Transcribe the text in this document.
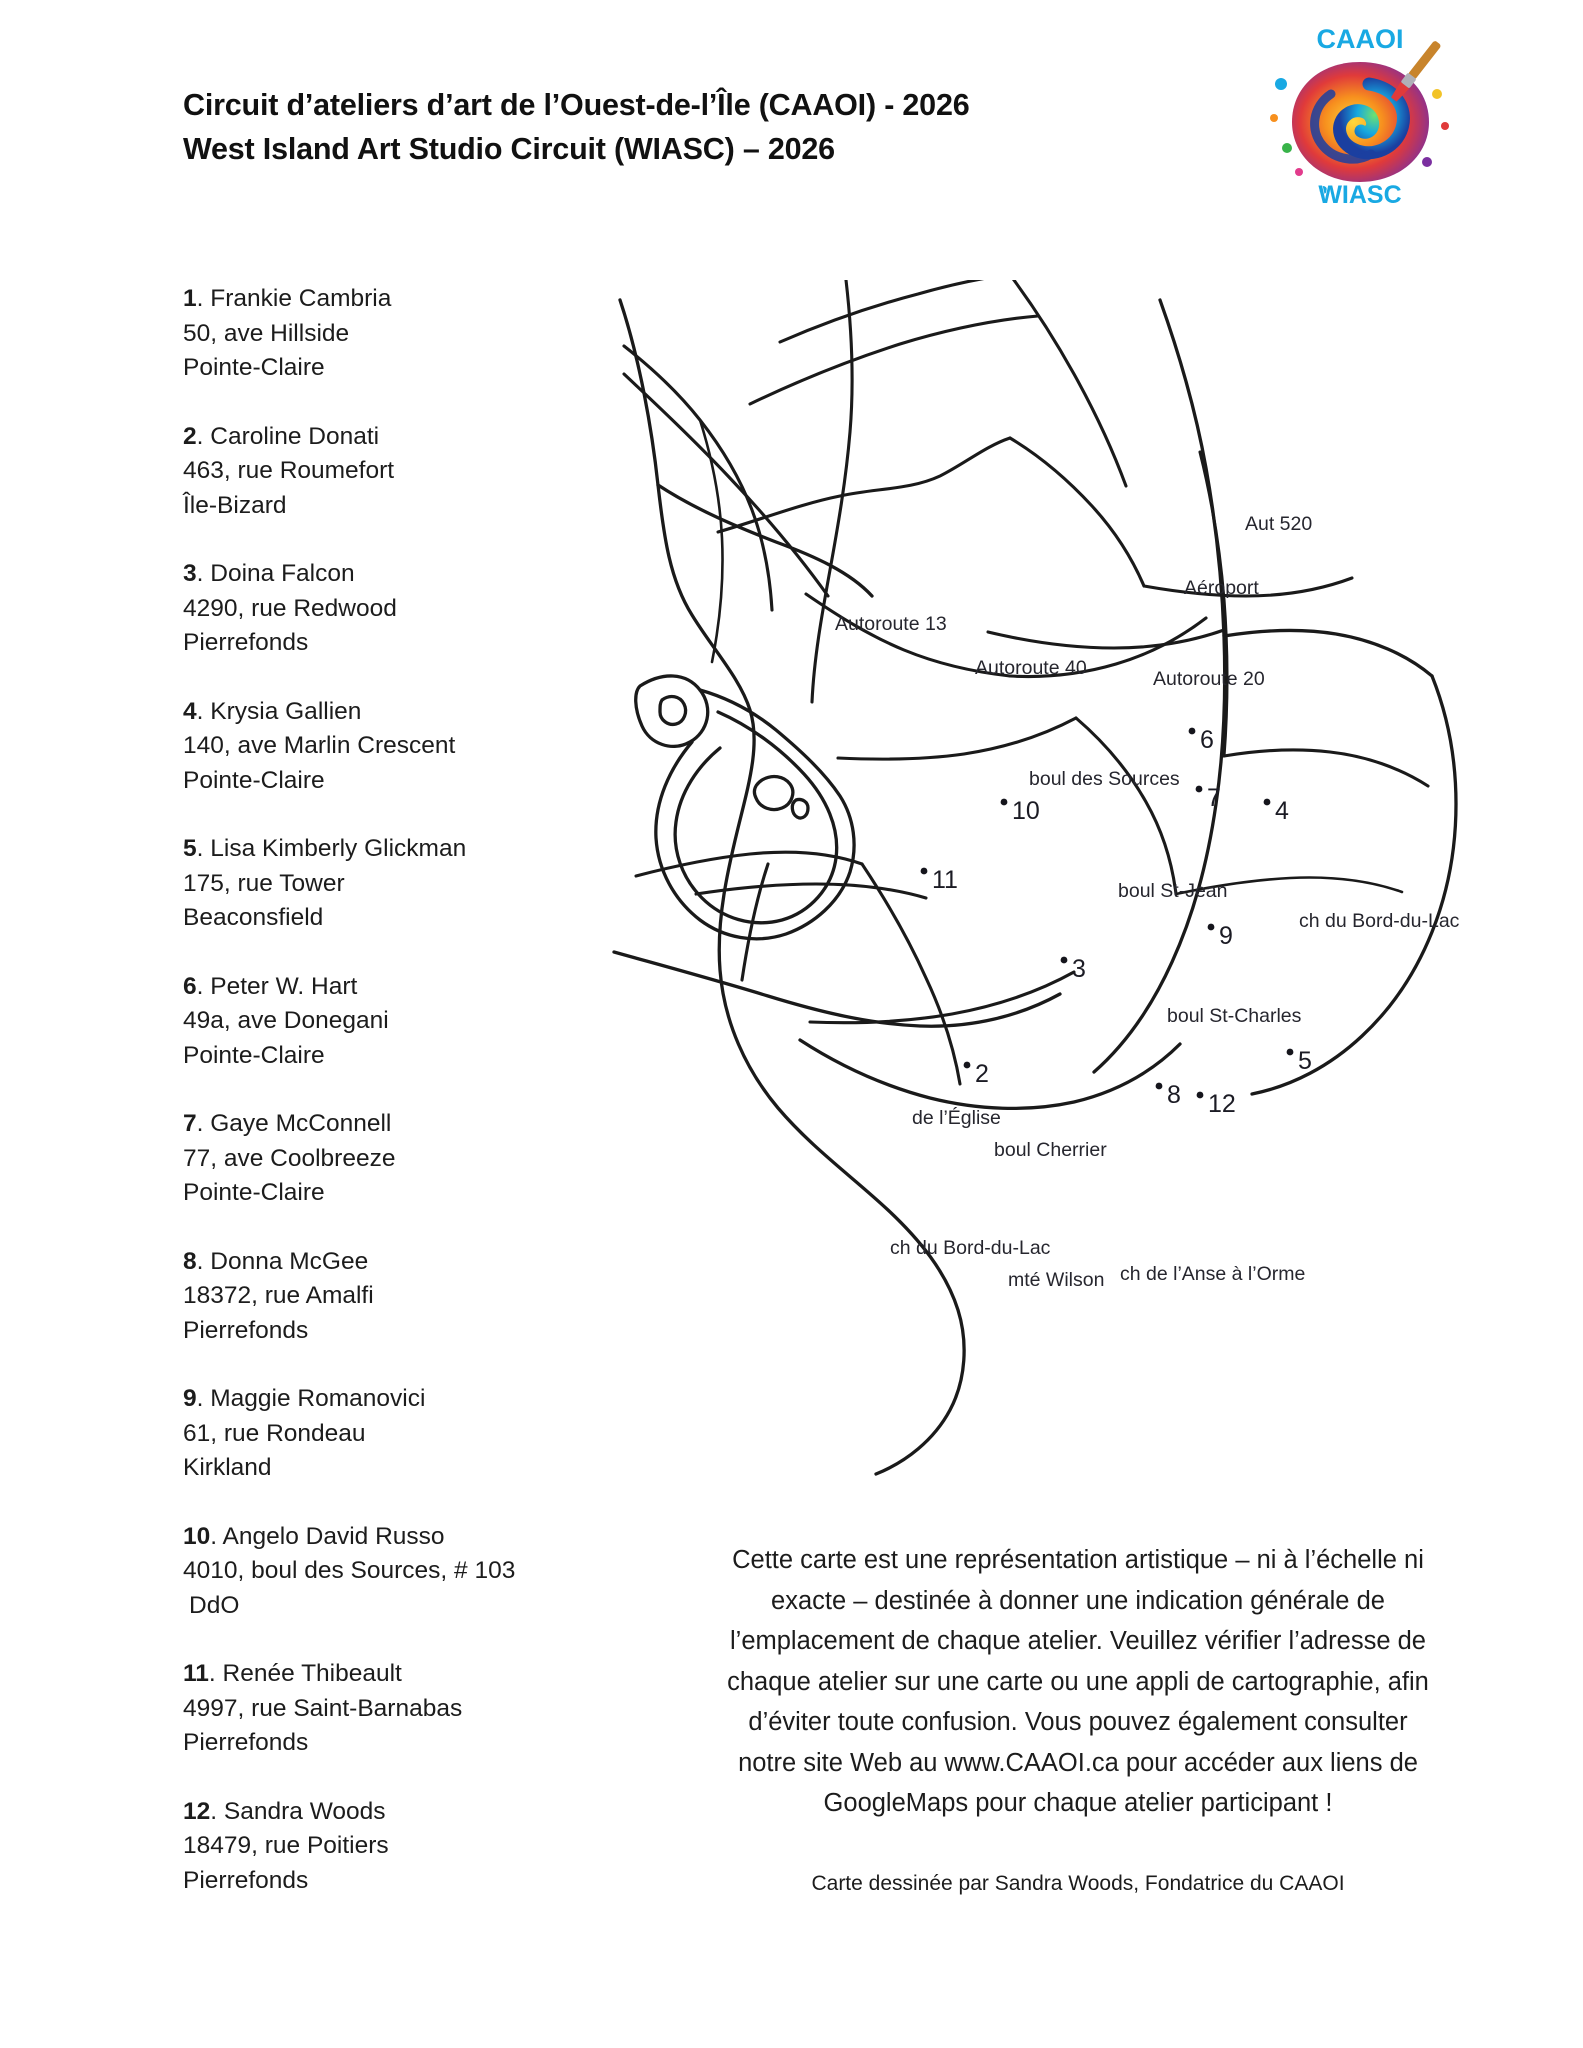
Circuit d’ateliers d’art de l’Ouest-de-l’Île (CAAOI) - 2026
West Island Art Studio Circuit (WIASC) – 2026
CAAOI
WIASC
1. Frankie Cambria
50, ave Hillside
Pointe-Claire
2. Caroline Donati
463, rue Roumefort
Île-Bizard
3. Doina Falcon
4290, rue Redwood
Pierrefonds
4. Krysia Gallien
140, ave Marlin Crescent
Pointe-Claire
5. Lisa Kimberly Glickman
175, rue Tower
Beaconsfield
6. Peter W. Hart
49a, ave Donegani
Pointe-Claire
7. Gaye McConnell
77, ave Coolbreeze
Pointe-Claire
8. Donna McGee
18372, rue Amalfi
Pierrefonds
9. Maggie Romanovici
61, rue Rondeau
Kirkland
10. Angelo David Russo
4010, boul des Sources, # 103
DdO
11. Renée Thibeault
4997, rue Saint-Barnabas
Pierrefonds
12. Sandra Woods
18479, rue Poitiers
Pierrefonds
Aut 520
Aéroport
Autoroute 13
Autoroute 40	Autoroute 20
boul des Sources
boul St-Jean
ch du Bord-du-Lac
boul St-Charles
de l’Église
boul Cherrier
ch du Bord-du-Lac
mté Wilson ch de l’Anse à l’Orme
6
7 4
10
11
9
3
5
2
8 12
Cette carte est une représentation artistique – ni à l’échelle ni
exacte – destinée à donner une indication générale de
l’emplacement de chaque atelier. Veuillez vérifier l’adresse de
chaque atelier sur une carte ou une appli de cartographie, afin
d’éviter toute confusion. Vous pouvez également consulter
notre site Web au www.CAAOI.ca pour accéder aux liens de
GoogleMaps pour chaque atelier participant !
Carte dessinée par Sandra Woods, Fondatrice du CAAOI
